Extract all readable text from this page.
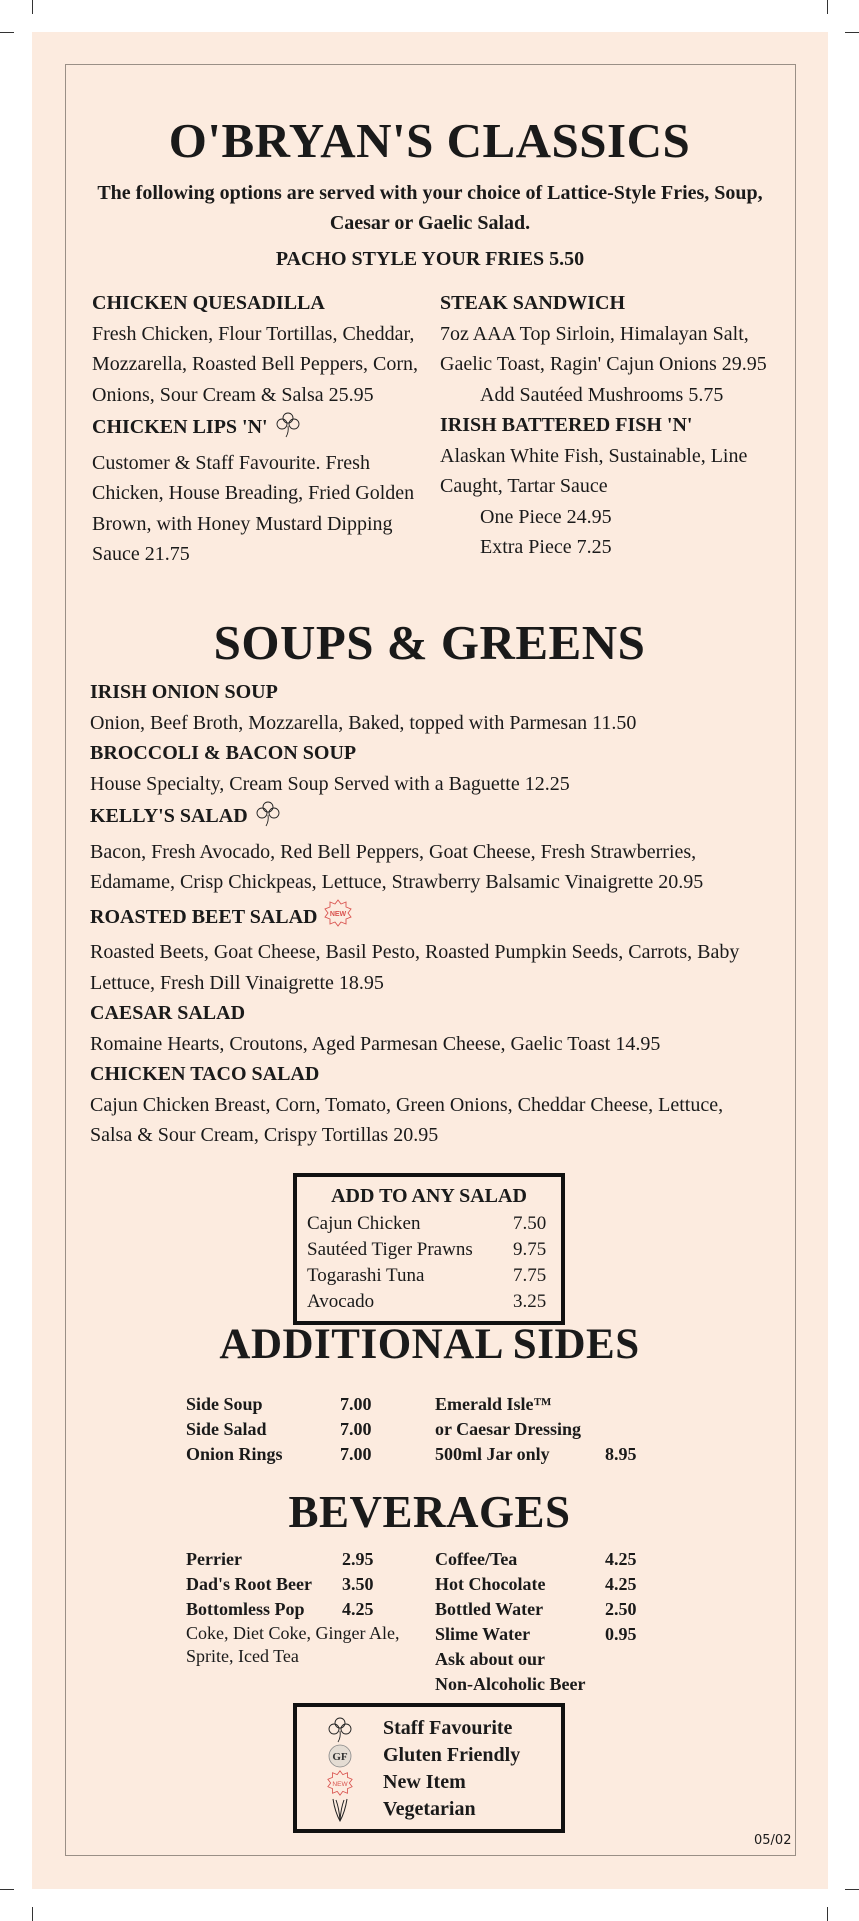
O'BRYAN'S CLASSICS
The following options are served with your choice of Lattice-Style Fries, Soup, Caesar or Gaelic Salad.
PACHO STYLE YOUR FRIES 5.50
CHICKEN QUESADILLA
Fresh Chicken, Flour Tortillas, Cheddar, Mozzarella, Roasted Bell Peppers, Corn, Onions, Sour Cream & Salsa 25.95
CHICKEN LIPS 'N'
Customer & Staff Favourite. Fresh Chicken, House Breading, Fried Golden Brown, with Honey Mustard Dipping Sauce 21.75
STEAK SANDWICH
7oz AAA Top Sirloin, Himalayan Salt, Gaelic Toast, Ragin' Cajun Onions 29.95
Add Sautéed Mushrooms 5.75
IRISH BATTERED FISH 'N'
Alaskan White Fish, Sustainable, Line Caught, Tartar Sauce
One Piece 24.95
Extra Piece 7.25
SOUPS & GREENS
IRISH ONION SOUP
Onion, Beef Broth, Mozzarella, Baked, topped with Parmesan 11.50
BROCCOLI & BACON SOUP
House Specialty, Cream Soup Served with a Baguette 12.25
KELLY'S SALAD
Bacon, Fresh Avocado, Red Bell Peppers, Goat Cheese, Fresh Strawberries, Edamame, Crisp Chickpeas, Lettuce, Strawberry Balsamic Vinaigrette 20.95
ROASTED BEET SALAD NEW
Roasted Beets, Goat Cheese, Basil Pesto, Roasted Pumpkin Seeds, Carrots, Baby Lettuce, Fresh Dill Vinaigrette 18.95
CAESAR SALAD
Romaine Hearts, Croutons, Aged Parmesan Cheese, Gaelic Toast 14.95
CHICKEN TACO SALAD
Cajun Chicken Breast, Corn, Tomato, Green Onions, Cheddar Cheese, Lettuce, Salsa & Sour Cream, Crispy Tortillas 20.95
ADD TO ANY SALAD
Cajun Chicken	7.50
Sautéed Tiger Prawns	9.75
Togarashi Tuna	7.75
Avocado	3.25
ADDITIONAL SIDES
Side Soup	7.00
Side Salad	7.00
Onion Rings	7.00
Emerald Isle™
or Caesar Dressing
500ml Jar only	8.95
BEVERAGES
Perrier	2.95
Dad's Root Beer	3.50
Bottomless Pop	4.25
Coke, Diet Coke, Ginger Ale, Sprite, Iced Tea
Coffee/Tea	4.25
Hot Chocolate	4.25
Bottled Water	2.50
Slime Water	0.95
Ask about our	
Non-Alcoholic Beer	
Staff Favourite
GF Gluten Friendly
NEW New Item
Vegetarian
05/02
